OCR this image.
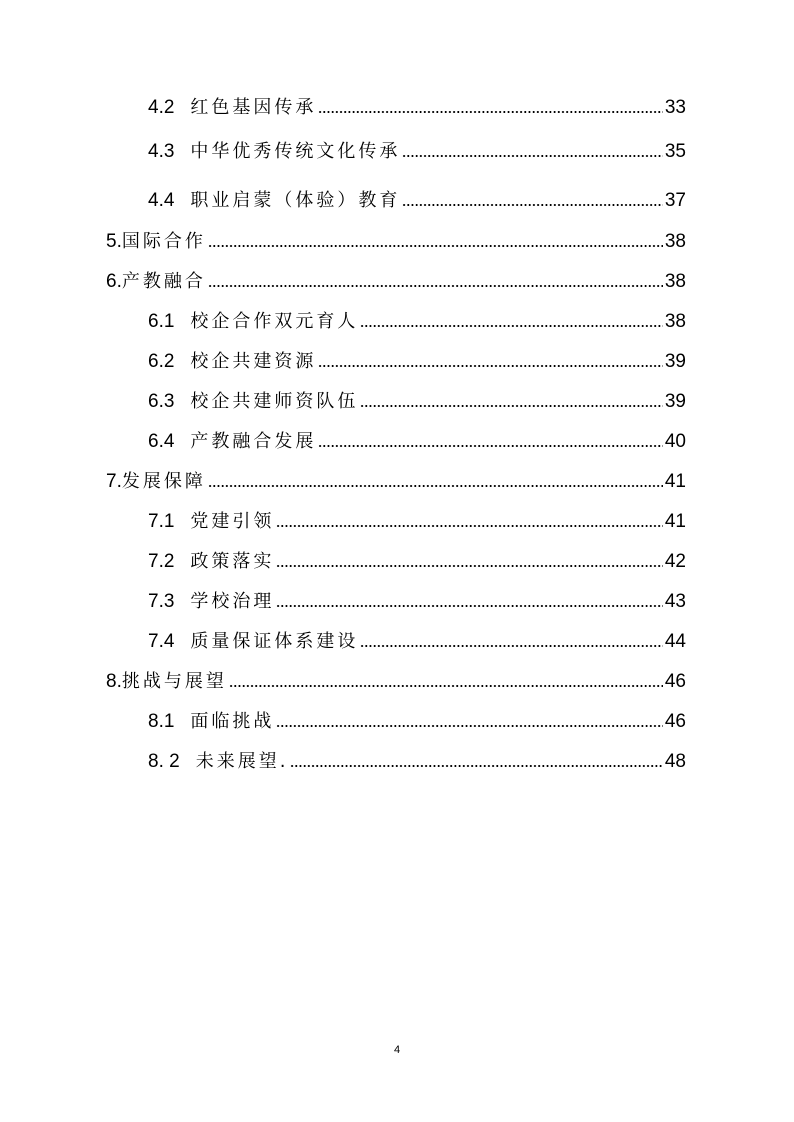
4.2 红色基因传承	33
4.3 中华优秀传统文化传承	35
4.4 职业启蒙（体验）教育	37
5. 国际合作	38
6. 产教融合	38
6.1 校企合作双元育人	38
6.2 校企共建资源	39
6.3 校企共建师资队伍	39
6.4 产教融合发展	40
7. 发展保障	41
7.1 党建引领	41
7.2 政策落实	42
7.3 学校治理	43
7.4 质量保证体系建设	44
8. 挑战与展望	46
8.1 面临挑战	46
8. 2 未来展望.	48
4
